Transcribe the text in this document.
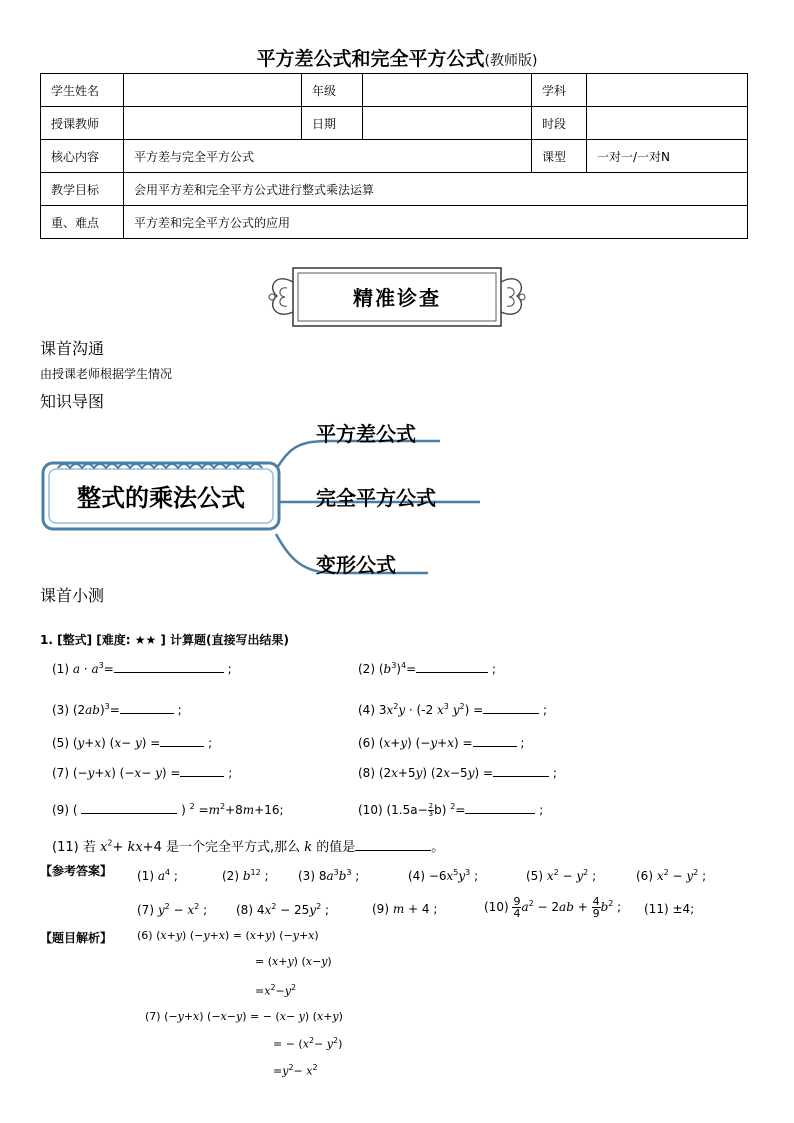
平方差公式和完全平方公式(教师版)
学生姓名		年级		学科	
授课教师		日期		时段	
核心内容	平方差与完全平方公式			课型	一对一/一对N
教学目标	会用平方差和完全平方公式进行整式乘法运算				
重、难点	平方差和完全平方公式的应用				
精准诊查
课首沟通
由授课老师根据学生情况
知识导图
整式的乘法公式
平方差公式
完全平方公式
变形公式
课首小测
1. [整式] [难度: ★★ ] 计算题(直接写出结果)
(1) $a \cdot a^3=$	;	(2) $(b^3)^4=$	;
(3) $(2ab)^3=$	;	(4) $3x^2y \cdot (-2$ $x^3$ $y^2$) =	;
(5) (y+x) (x− y) =	;	(6) (x+y) (−y+x) =	;
(7) (−y+x) (−x− y) =	;	(8) (2x+5y) (2x−5y) =	;
(9) (	) $^2 =m^2+8m+16$;	(10) $(1.5a- \frac{2}{3} b)$ $^2$=	;
(11) 若 $x^2+ kx+4$ 是一个完全平方式,那么 k 的值是	。
【参考答案】 (1) $a^4$ ;	(2) $b^{12}$ ; (3) $8a^3b^3$ ;	$(4) -6x^5y^3$ ;	(5) $x^2 - y^2$ ;	(6) $x^2 - y^2$ ;
(7) $y^2 - x^2$ ; (8) $4x^2 - 25y^2$ ;	(9) m + 4 ;	$(10) \frac{9}{4} a^2 - 2ab + \frac{4}{9} b^2$ ; (11) ±4;
【题目解析】 (6) (x+y) (−y+x) = (x+y) (−y+x)
= (x+y) (x−y)
$=x^2-y^2$
(7) (−y+x) (−x−y) = − (x− y) (x+y)
= − $(x^2- y^2)$
$=y^2- x^2$
